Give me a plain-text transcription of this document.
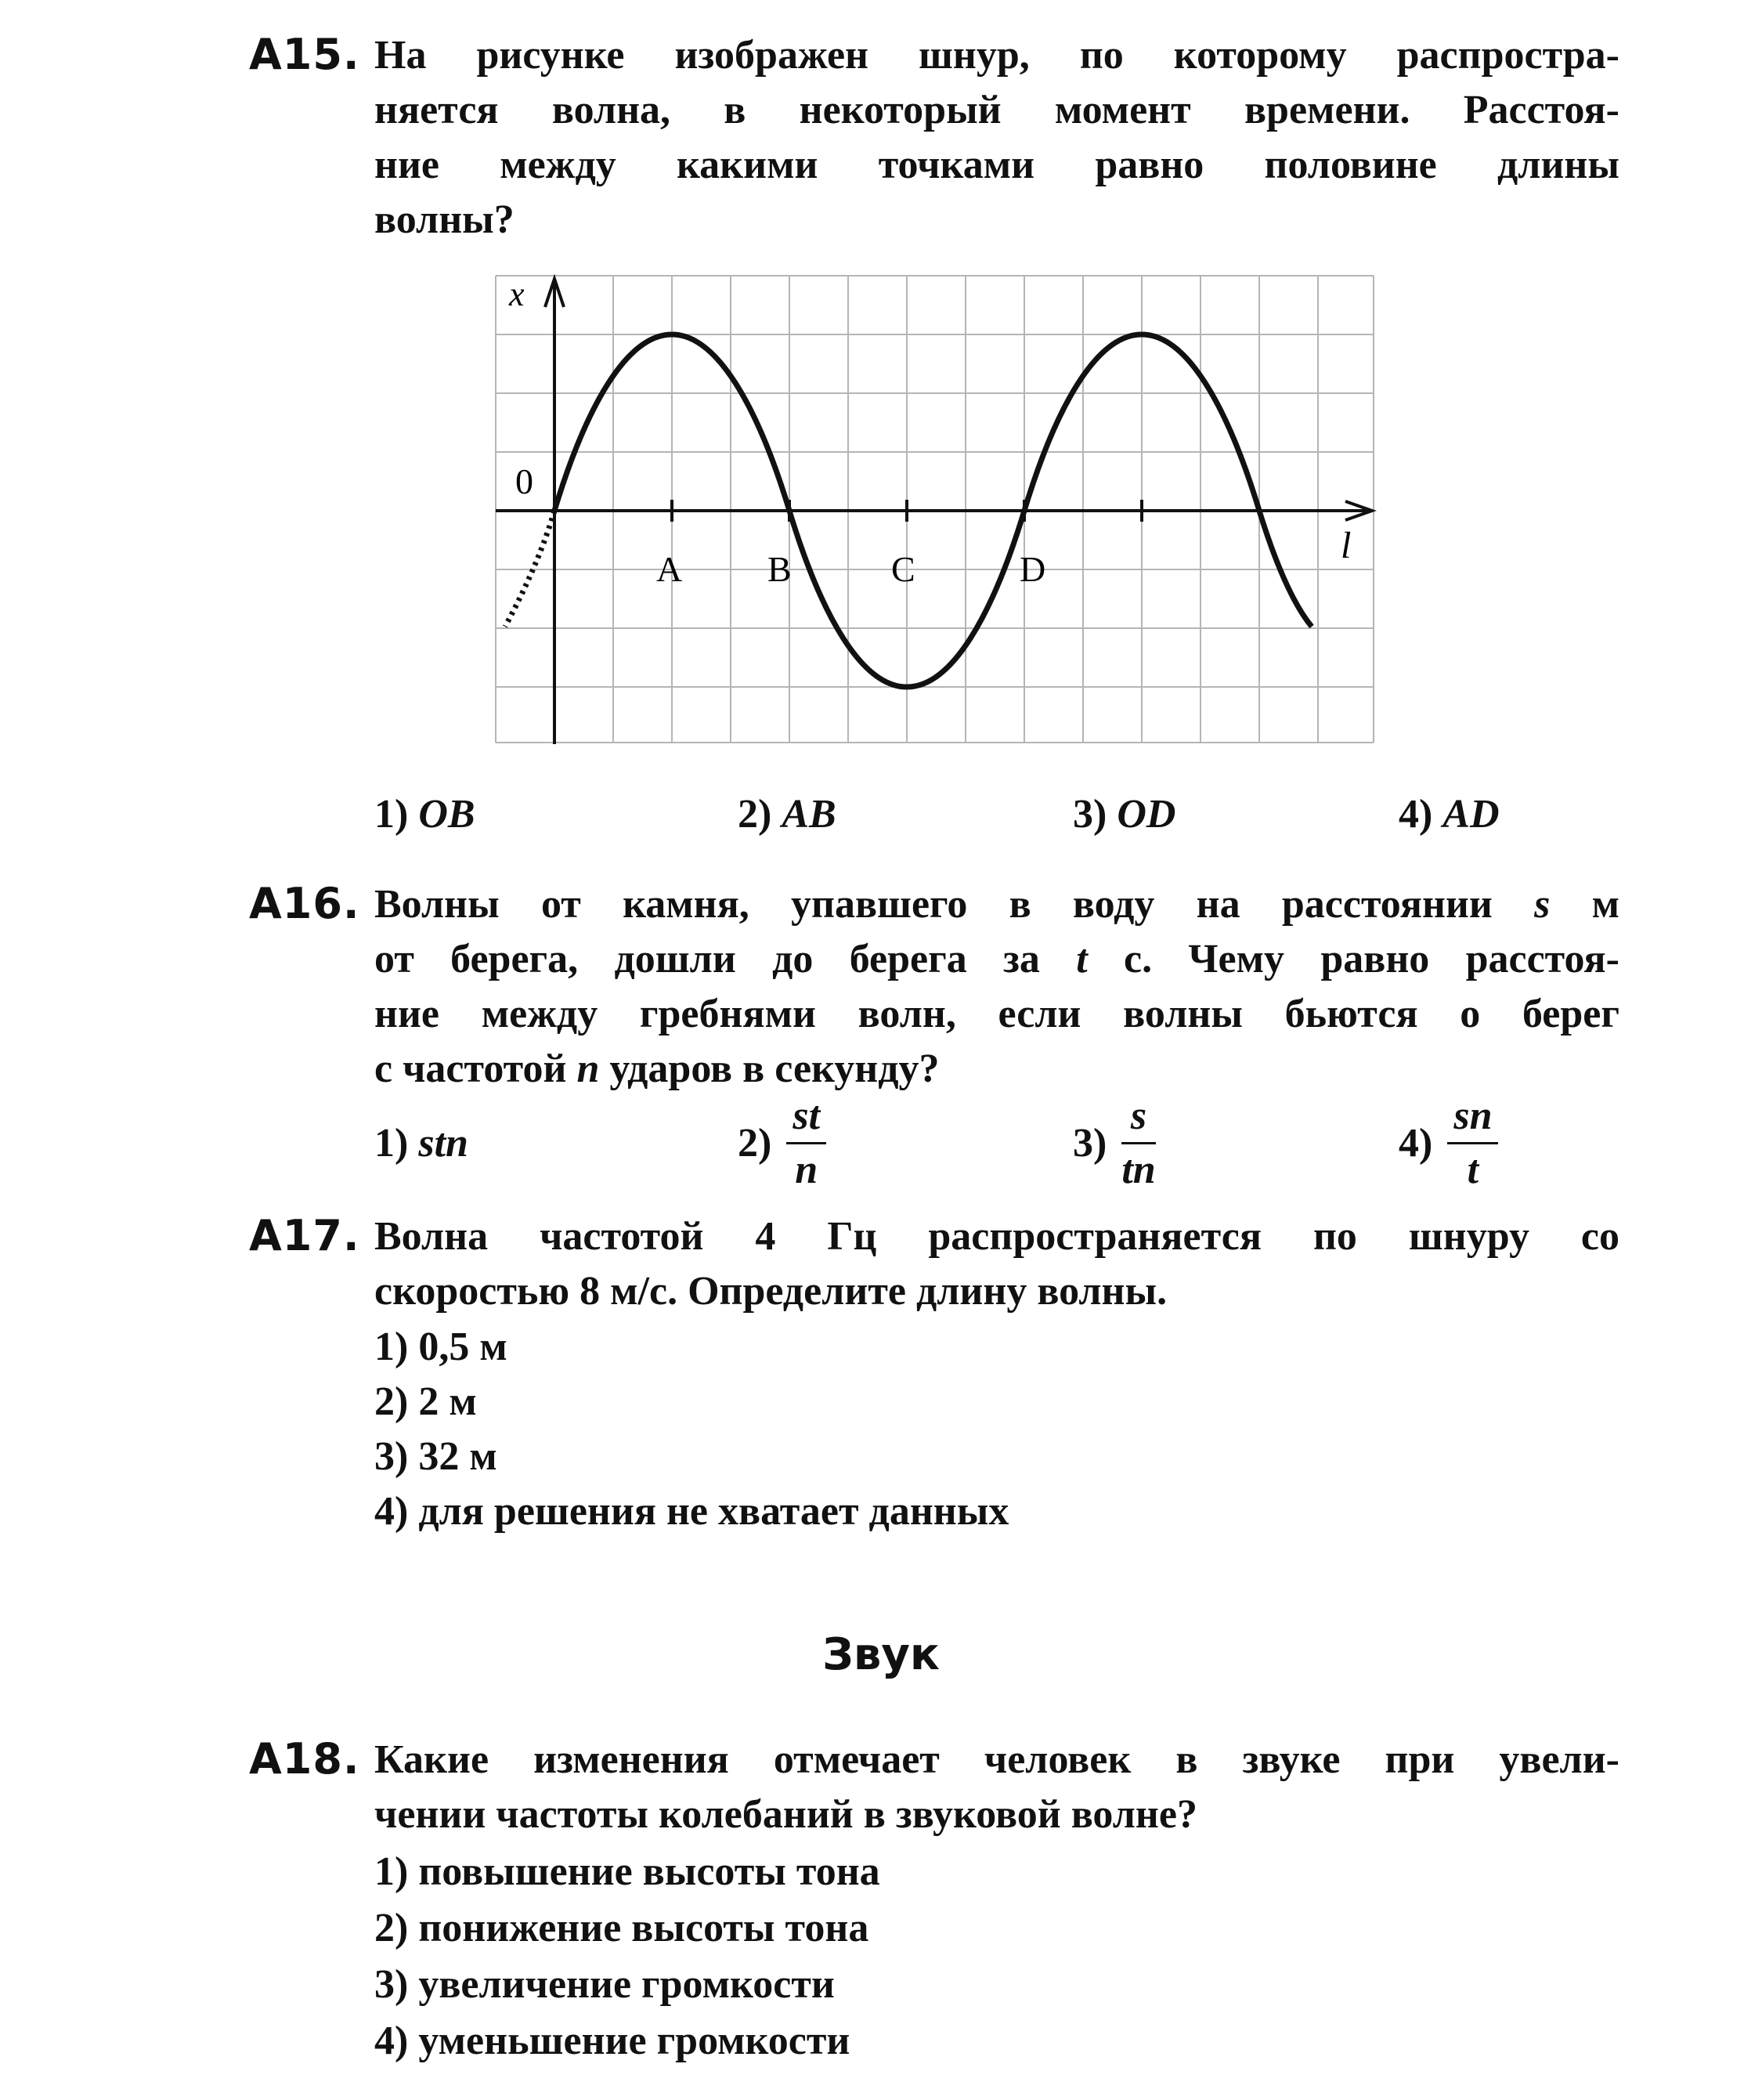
А15. На рисунке изображен шнур, по которому распростра-
няется волна, в некоторый момент времени. Расстоя-
ние между какими точками равно половине длины
волны?
x
l
0
A B	C	D
1) OB	2) AB	3) OD	4) AD
А16. Волны от камня, упавшего в воду на расстоянии s м
от берега, дошли до берега за t с. Чему равно расстоя-
ние между гребнями волн, если волны бьются о берег
с частотой n ударов в секунду?
1) stn	$2) \frac{st}{n}$	$3) \frac{s}{tn}$	$4) \frac{sn}{t}$
А17. Волна частотой 4 Гц распространяется по шнуру со
скоростью 8 м/с. Определите длину волны.
1) 0,5 м
2) 2 м
3) 32 м
4) для решения не хватает данных
Звук
А18. Какие изменения отмечает человек в звуке при увели-
чении частоты колебаний в звуковой волне?
1) повышение высоты тона
2) понижение высоты тона
3) увеличение громкости
4) уменьшение громкости
